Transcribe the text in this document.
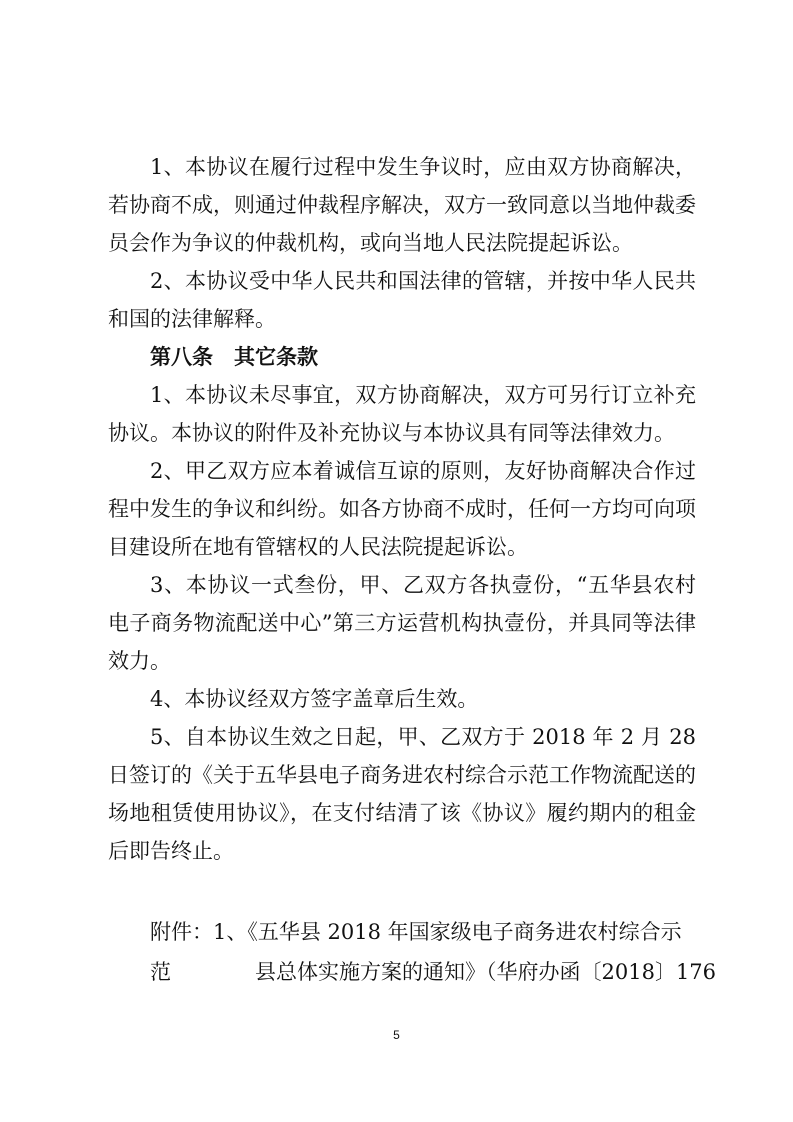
1、本协议在履行过程中发生争议时，应由双方协商解决，若协商不成，则通过仲裁程序解决，双方一致同意以当地仲裁委员会作为争议的仲裁机构，或向当地人民法院提起诉讼。

2、本协议受中华人民共和国法律的管辖，并按中华人民共和国的法律解释。

第八条　其它条款

1、本协议未尽事宜，双方协商解决，双方可另行订立补充协议。本协议的附件及补充协议与本协议具有同等法律效力。

2、甲乙双方应本着诚信互谅的原则，友好协商解决合作过程中发生的争议和纠纷。如各方协商不成时，任何一方均可向项目建设所在地有管辖权的人民法院提起诉讼。

3、本协议一式叁份，甲、乙双方各执壹份，“五华县农村电子商务物流配送中心”第三方运营机构执壹份，并具同等法律效力。

4、本协议经双方签字盖章后生效。

5、自本协议生效之日起，甲、乙双方于 2018 年 2 月 28 日签订的《关于五华县电子商务进农村综合示范工作物流配送的场地租赁使用协议》，在支付结清了该《协议》履约期内的租金后即告终止。

附件：1、《五华县 2018 年国家级电子商务进农村综合示范	县总体实施方案的通知》（华府办函〔2018〕176

5
